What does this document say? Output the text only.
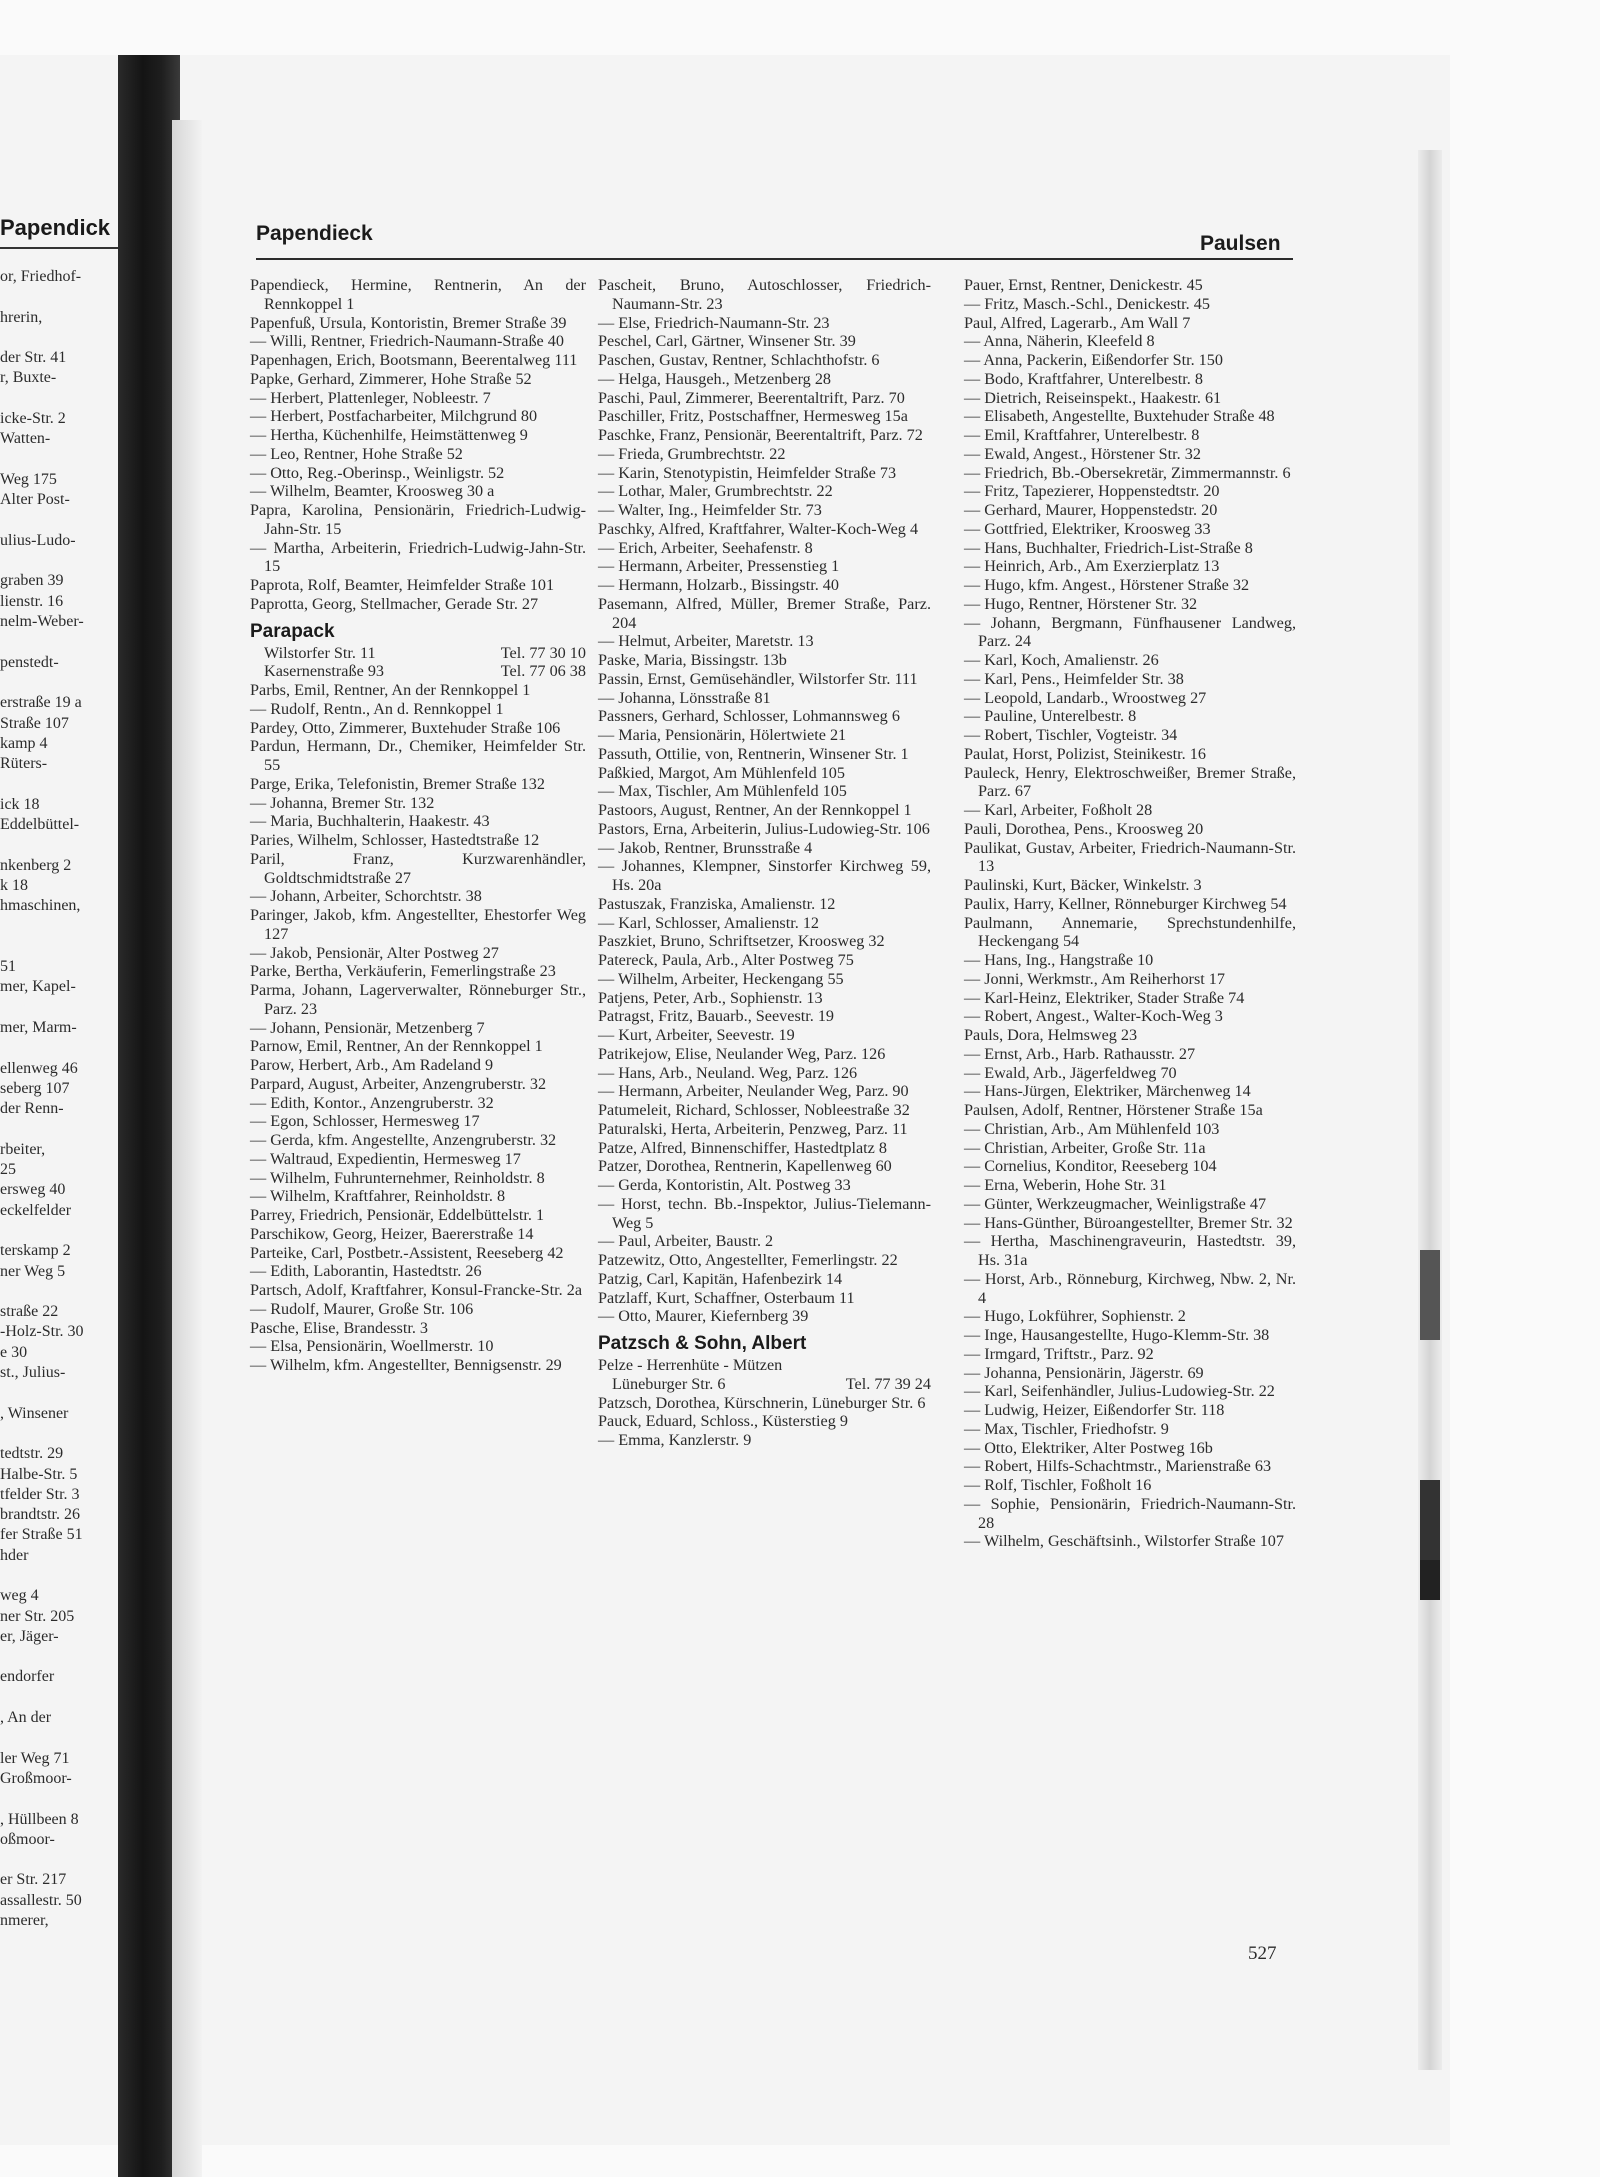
Papendick
or, Friedhof-

hrerin,

der Str. 41
r, Buxte-

icke-Str. 2
Watten-

Weg 175
Alter Post-

ulius-Ludo-

graben 39
lienstr. 16
nelm-Weber-

penstedt-

erstraße 19 a
Straße 107
kamp 4
Rüters-

ick 18
Eddelbüttel-

nkenberg 2
k 18
hmaschinen,

51
mer, Kapel-

mer, Marm-

ellenweg 46
seberg 107
der Renn-

rbeiter,
25
ersweg 40
eckelfelder

terskamp 2
ner Weg 5

straße 22
-Holz-Str. 30
e 30
st., Julius-

, Winsener

tedtstr. 29
Halbe-Str. 5
tfelder Str. 3
brandtstr. 26
fer Straße 51
hder

weg 4
ner Str. 205
er, Jäger-

endorfer

, An der

ler Weg 71
Großmoor-

, Hüllbeen 8
oßmoor-

er Str. 217
assallestr. 50
nmerer,
Papendieck	Paulsen

Papendieck, Hermine, Rentnerin, An der Rennkoppel 1

Papenfuß, Ursula, Kontoristin, Bremer Straße 39

— Willi, Rentner, Friedrich-Naumann-Straße 40

Papenhagen, Erich, Bootsmann, Beerentalweg 111

Papke, Gerhard, Zimmerer, Hohe Straße 52

— Herbert, Plattenleger, Nobleestr. 7

— Herbert, Postfacharbeiter, Milchgrund 80

— Hertha, Küchenhilfe, Heimstättenweg 9

— Leo, Rentner, Hohe Straße 52

— Otto, Reg.-Oberinsp., Weinligstr. 52

— Wilhelm, Beamter, Kroosweg 30 a

Papra, Karolina, Pensionärin, Friedrich-Ludwig-Jahn-Str. 15

— Martha, Arbeiterin, Friedrich-Ludwig-Jahn-Str. 15

Paprota, Rolf, Beamter, Heimfelder Straße 101

Paprotta, Georg, Stellmacher, Gerade Str. 27

Parapack
Wilstorfer Str. 11	Tel. 77 30 10
Kasernenstraße 93	Tel. 77 06 38

Parbs, Emil, Rentner, An der Rennkoppel 1

— Rudolf, Rentn., An d. Rennkoppel 1

Pardey, Otto, Zimmerer, Buxtehuder Straße 106

Pardun, Hermann, Dr., Chemiker, Heimfelder Str. 55

Parge, Erika, Telefonistin, Bremer Straße 132

— Johanna, Bremer Str. 132

— Maria, Buchhalterin, Haakestr. 43

Paries, Wilhelm, Schlosser, Hastedtstraße 12

Paril, Franz, Kurzwarenhändler, Goldtschmidtstraße 27

— Johann, Arbeiter, Schorchtstr. 38

Paringer, Jakob, kfm. Angestellter, Ehestorfer Weg 127

— Jakob, Pensionär, Alter Postweg 27

Parke, Bertha, Verkäuferin, Femerlingstraße 23

Parma, Johann, Lagerverwalter, Rönneburger Str., Parz. 23

— Johann, Pensionär, Metzenberg 7

Parnow, Emil, Rentner, An der Rennkoppel 1

Parow, Herbert, Arb., Am Radeland 9

Parpard, August, Arbeiter, Anzengruberstr. 32

— Edith, Kontor., Anzengruberstr. 32

— Egon, Schlosser, Hermesweg 17

— Gerda, kfm. Angestellte, Anzengruberstr. 32

— Waltraud, Expedientin, Hermesweg 17

— Wilhelm, Fuhrunternehmer, Reinholdstr. 8

— Wilhelm, Kraftfahrer, Reinholdstr. 8

Parrey, Friedrich, Pensionär, Eddelbüttelstr. 1

Parschikow, Georg, Heizer, Baererstraße 14

Parteike, Carl, Postbetr.-Assistent, Reeseberg 42

— Edith, Laborantin, Hastedtstr. 26

Partsch, Adolf, Kraftfahrer, Konsul-Francke-Str. 2a

— Rudolf, Maurer, Große Str. 106

Pasche, Elise, Brandesstr. 3

— Elsa, Pensionärin, Woellmerstr. 10

— Wilhelm, kfm. Angestellter, Bennigsenstr. 29

Pascheit, Bruno, Autoschlosser, Friedrich-Naumann-Str. 23

— Else, Friedrich-Naumann-Str. 23

Peschel, Carl, Gärtner, Winsener Str. 39

Paschen, Gustav, Rentner, Schlachthofstr. 6

— Helga, Hausgeh., Metzenberg 28

Paschi, Paul, Zimmerer, Beerentaltrift, Parz. 70

Paschiller, Fritz, Postschaffner, Hermesweg 15a

Paschke, Franz, Pensionär, Beerentaltrift, Parz. 72

— Frieda, Grumbrechtstr. 22

— Karin, Stenotypistin, Heimfelder Straße 73

— Lothar, Maler, Grumbrechtstr. 22

— Walter, Ing., Heimfelder Str. 73

Paschky, Alfred, Kraftfahrer, Walter-Koch-Weg 4

— Erich, Arbeiter, Seehafenstr. 8

— Hermann, Arbeiter, Pressenstieg 1

— Hermann, Holzarb., Bissingstr. 40

Pasemann, Alfred, Müller, Bremer Straße, Parz. 204

— Helmut, Arbeiter, Maretstr. 13

Paske, Maria, Bissingstr. 13b

Passin, Ernst, Gemüsehändler, Wilstorfer Str. 111

— Johanna, Lönsstraße 81

Passners, Gerhard, Schlosser, Lohmannsweg 6

— Maria, Pensionärin, Hölertwiete 21

Passuth, Ottilie, von, Rentnerin, Winsener Str. 1

Paßkied, Margot, Am Mühlenfeld 105

— Max, Tischler, Am Mühlenfeld 105

Pastoors, August, Rentner, An der Rennkoppel 1

Pastors, Erna, Arbeiterin, Julius-Ludowieg-Str. 106

— Jakob, Rentner, Brunsstraße 4

— Johannes, Klempner, Sinstorfer Kirchweg 59, Hs. 20a

Pastuszak, Franziska, Amalienstr. 12

— Karl, Schlosser, Amalienstr. 12

Paszkiet, Bruno, Schriftsetzer, Kroosweg 32

Patereck, Paula, Arb., Alter Postweg 75

— Wilhelm, Arbeiter, Heckengang 55

Patjens, Peter, Arb., Sophienstr. 13

Patragst, Fritz, Bauarb., Seevestr. 19

— Kurt, Arbeiter, Seevestr. 19

Patrikejow, Elise, Neulander Weg, Parz. 126

— Hans, Arb., Neuland. Weg, Parz. 126

— Hermann, Arbeiter, Neulander Weg, Parz. 90

Patumeleit, Richard, Schlosser, Nobleestraße 32

Paturalski, Herta, Arbeiterin, Penzweg, Parz. 11

Patze, Alfred, Binnenschiffer, Hastedtplatz 8

Patzer, Dorothea, Rentnerin, Kapellenweg 60

— Gerda, Kontoristin, Alt. Postweg 33

— Horst, techn. Bb.-Inspektor, Julius-Tielemann-Weg 5

— Paul, Arbeiter, Baustr. 2

Patzewitz, Otto, Angestellter, Femerlingstr. 22

Patzig, Carl, Kapitän, Hafenbezirk 14

Patzlaff, Kurt, Schaffner, Osterbaum 11

— Otto, Maurer, Kiefernberg 39

Patzsch & Sohn, Albert

Pelze - Herrenhüte - Mützen

Lüneburger Str. 6	Tel. 77 39 24

Patzsch, Dorothea, Kürschnerin, Lüneburger Str. 6

Pauck, Eduard, Schloss., Küsterstieg 9

— Emma, Kanzlerstr. 9

Pauer, Ernst, Rentner, Denickestr. 45

— Fritz, Masch.-Schl., Denickestr. 45

Paul, Alfred, Lagerarb., Am Wall 7

— Anna, Näherin, Kleefeld 8

— Anna, Packerin, Eißendorfer Str. 150

— Bodo, Kraftfahrer, Unterelbestr. 8

— Dietrich, Reiseinspekt., Haakestr. 61

— Elisabeth, Angestellte, Buxtehuder Straße 48

— Emil, Kraftfahrer, Unterelbestr. 8

— Ewald, Angest., Hörstener Str. 32

— Friedrich, Bb.-Obersekretär, Zimmermannstr. 6

— Fritz, Tapezierer, Hoppenstedtstr. 20

— Gerhard, Maurer, Hoppenstedstr. 20

— Gottfried, Elektriker, Kroosweg 33

— Hans, Buchhalter, Friedrich-List-Straße 8

— Heinrich, Arb., Am Exerzierplatz 13

— Hugo, kfm. Angest., Hörstener Straße 32

— Hugo, Rentner, Hörstener Str. 32

— Johann, Bergmann, Fünfhausener Landweg, Parz. 24

— Karl, Koch, Amalienstr. 26

— Karl, Pens., Heimfelder Str. 38

— Leopold, Landarb., Wroostweg 27

— Pauline, Unterelbestr. 8

— Robert, Tischler, Vogteistr. 34

Paulat, Horst, Polizist, Steinikestr. 16

Pauleck, Henry, Elektroschweißer, Bremer Straße, Parz. 67

— Karl, Arbeiter, Foßholt 28

Pauli, Dorothea, Pens., Kroosweg 20

Paulikat, Gustav, Arbeiter, Friedrich-Naumann-Str. 13

Paulinski, Kurt, Bäcker, Winkelstr. 3

Paulix, Harry, Kellner, Rönneburger Kirchweg 54

Paulmann, Annemarie, Sprechstundenhilfe, Heckengang 54

— Hans, Ing., Hangstraße 10

— Jonni, Werkmstr., Am Reiherhorst 17

— Karl-Heinz, Elektriker, Stader Straße 74

— Robert, Angest., Walter-Koch-Weg 3

Pauls, Dora, Helmsweg 23

— Ernst, Arb., Harb. Rathausstr. 27

— Ewald, Arb., Jägerfeldweg 70

— Hans-Jürgen, Elektriker, Märchenweg 14

Paulsen, Adolf, Rentner, Hörstener Straße 15a

— Christian, Arb., Am Mühlenfeld 103

— Christian, Arbeiter, Große Str. 11a

— Cornelius, Konditor, Reeseberg 104

— Erna, Weberin, Hohe Str. 31

— Günter, Werkzeugmacher, Weinligstraße 47

— Hans-Günther, Büroangestellter, Bremer Str. 32

— Hertha, Maschinengraveurin, Hastedtstr. 39, Hs. 31a

— Horst, Arb., Rönneburg, Kirchweg, Nbw. 2, Nr. 4

— Hugo, Lokführer, Sophienstr. 2

— Inge, Hausangestellte, Hugo-Klemm-Str. 38

— Irmgard, Triftstr., Parz. 92

— Johanna, Pensionärin, Jägerstr. 69

— Karl, Seifenhändler, Julius-Ludowieg-Str. 22

— Ludwig, Heizer, Eißendorfer Str. 118

— Max, Tischler, Friedhofstr. 9

— Otto, Elektriker, Alter Postweg 16b

— Robert, Hilfs-Schachtmstr., Marienstraße 63

— Rolf, Tischler, Foßholt 16

— Sophie, Pensionärin, Friedrich-Naumann-Str. 28

— Wilhelm, Geschäftsinh., Wilstorfer Straße 107

527
